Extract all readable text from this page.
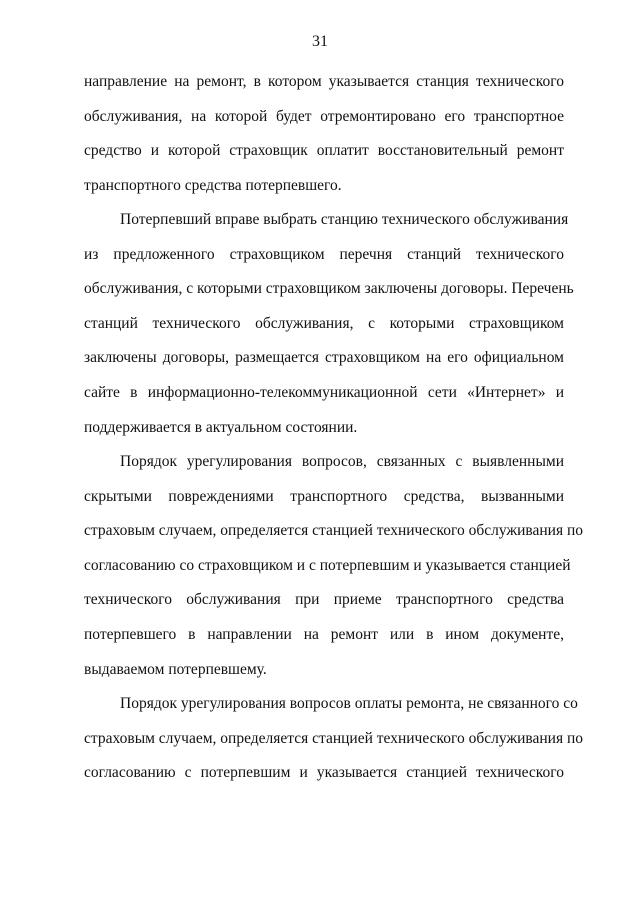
31
направление на ремонт, в котором указывается станция технического
обслуживания, на которой будет отремонтировано его транспортное
средство и которой страховщик оплатит восстановительный ремонт
транспортного средства потерпевшего.
Потерпевший вправе выбрать станцию технического обслуживания
из предложенного страховщиком перечня станций технического
обслуживания, с которыми страховщиком заключены договоры. Перечень
станций технического обслуживания, с которыми страховщиком
заключены договоры, размещается страховщиком на его официальном
сайте в информационно-телекоммуникационной сети «Интернет» и
поддерживается в актуальном состоянии.
Порядок урегулирования вопросов, связанных с выявленными
скрытыми повреждениями транспортного средства, вызванными
страховым случаем, определяется станцией технического обслуживания по
согласованию со страховщиком и с потерпевшим и указывается станцией
технического обслуживания при приеме транспортного средства
потерпевшего в направлении на ремонт или в ином документе,
выдаваемом потерпевшему.
Порядок урегулирования вопросов оплаты ремонта, не связанного со
страховым случаем, определяется станцией технического обслуживания по
согласованию с потерпевшим и указывается станцией технического
